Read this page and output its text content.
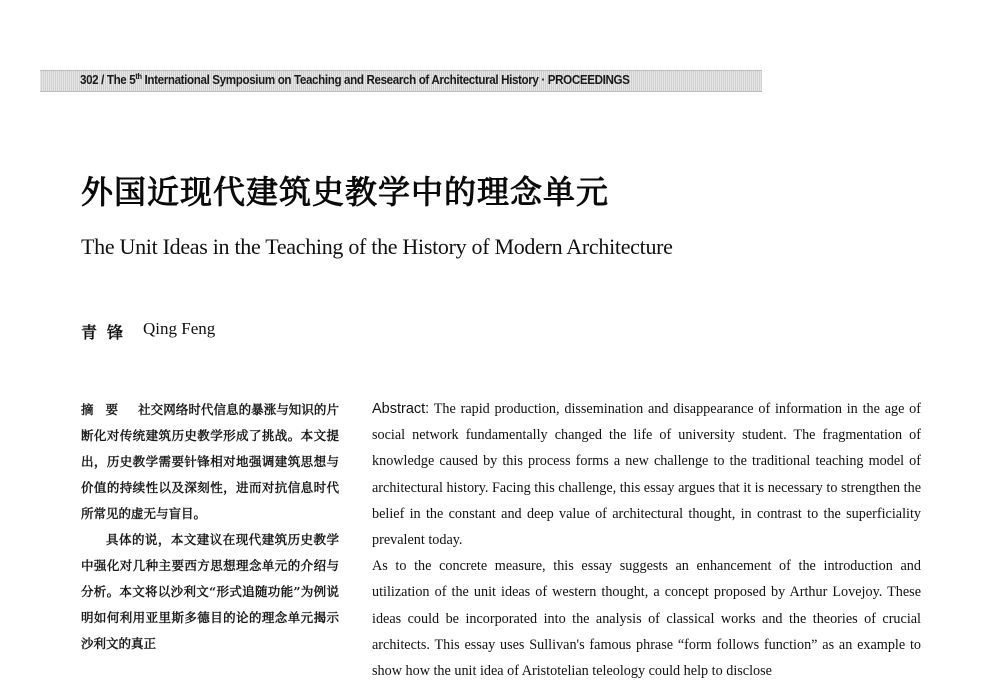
302 / The 5th International Symposium on Teaching and Research of Architectural History · PROCEEDINGS
外国近现代建筑史教学中的理念单元
The Unit Ideas in the Teaching of the History of Modern Architecture
青锋 Qing Feng

摘要 社交网络时代信息的暴涨与知识的片断化对传统建筑历史教学形成了挑战。本文提出，历史教学需要针锋相对地强调建筑思想与价值的持续性以及深刻性，进而对抗信息时代所常见的虚无与盲目。

具体的说，本文建议在现代建筑历史教学中强化对几种主要西方思想理念单元的介绍与分析。本文将以沙利文“形式追随功能”为例说明如何利用亚里斯多德目的论的理念单元揭示沙利文的真正

Abstract: The rapid production, dissemination and disappearance of information in the age of social network fundamentally changed the life of university student. The fragmentation of knowledge caused by this process forms a new challenge to the traditional teaching model of architectural history. Facing this challenge, this essay argues that it is necessary to strengthen the belief in the constant and deep value of architectural thought, in contrast to the superficiality prevalent today.

As to the concrete measure, this essay suggests an enhancement of the introduction and utilization of the unit ideas of western thought, a concept proposed by Arthur Lovejoy. These ideas could be incorporated into the analysis of classical works and the theories of crucial architects. This essay uses Sullivan's famous phrase “form follows function” as an example to show how the unit idea of Aristotelian teleology could help to disclose
